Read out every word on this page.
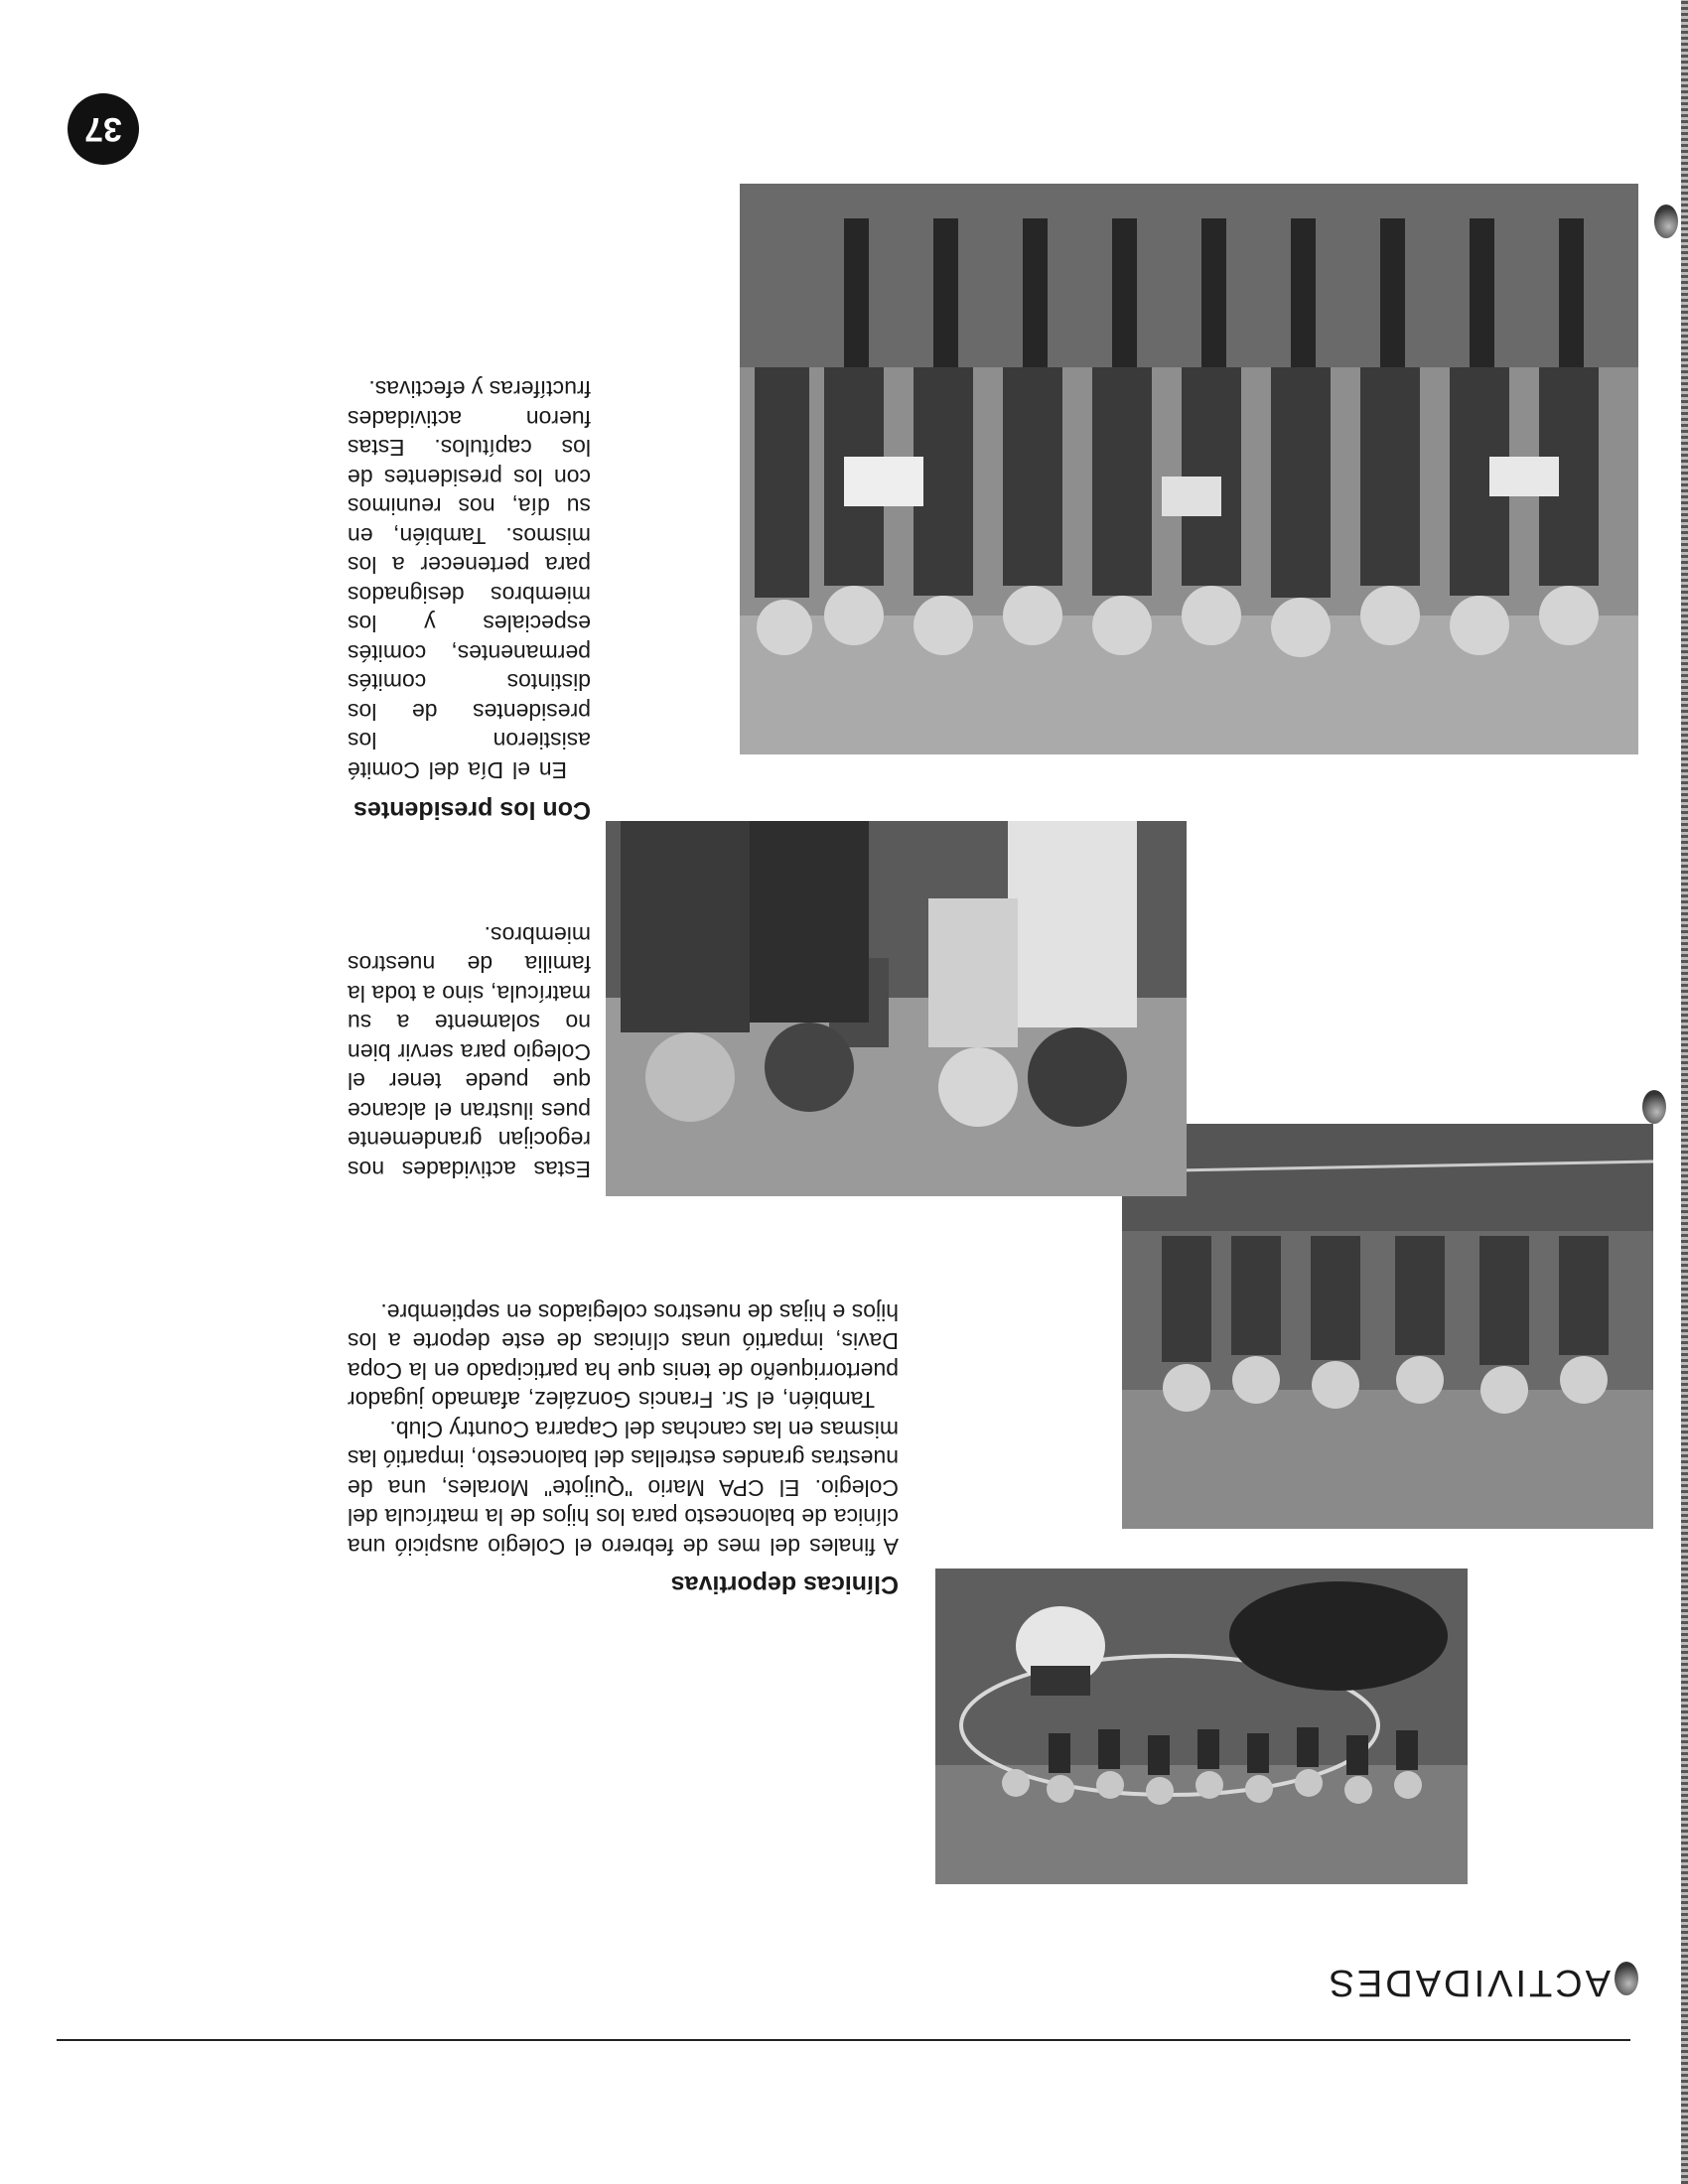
37
ACTIVIDADES
Clínicas deportivas

A finales del mes de febrero el Colegio auspició una clínica de baloncesto para los hijos de la matrícula del Colegio. El CPA Mario "Quijote" Morales, una de nuestras grandes estrellas del baloncesto, impartió las mismas en las canchas del Caparra Country Club.

También, el Sr. Francis González, afamado jugador puertorriqueño de tenis que ha participado en la Copa Davis, impartió unas clínicas de este deporte a los hijos e hijas de nuestros colegiados en septiembre.

Estas actividades nos regocijan grandemente pues ilustran el alcance que puede tener el Colegio para servir bien no solamente a su matrícula, sino a toda la familia de nuestros miembros.

Con los presidentes

En el Día del Comité asistieron los presidentes de los distintos comités permanentes, comités especiales y los miembros designados para pertenecer a los mismos. También, en su día, nos reunimos con los presidentes de los capítulos. Estas fueron actividades fructíferas y efectivas.
